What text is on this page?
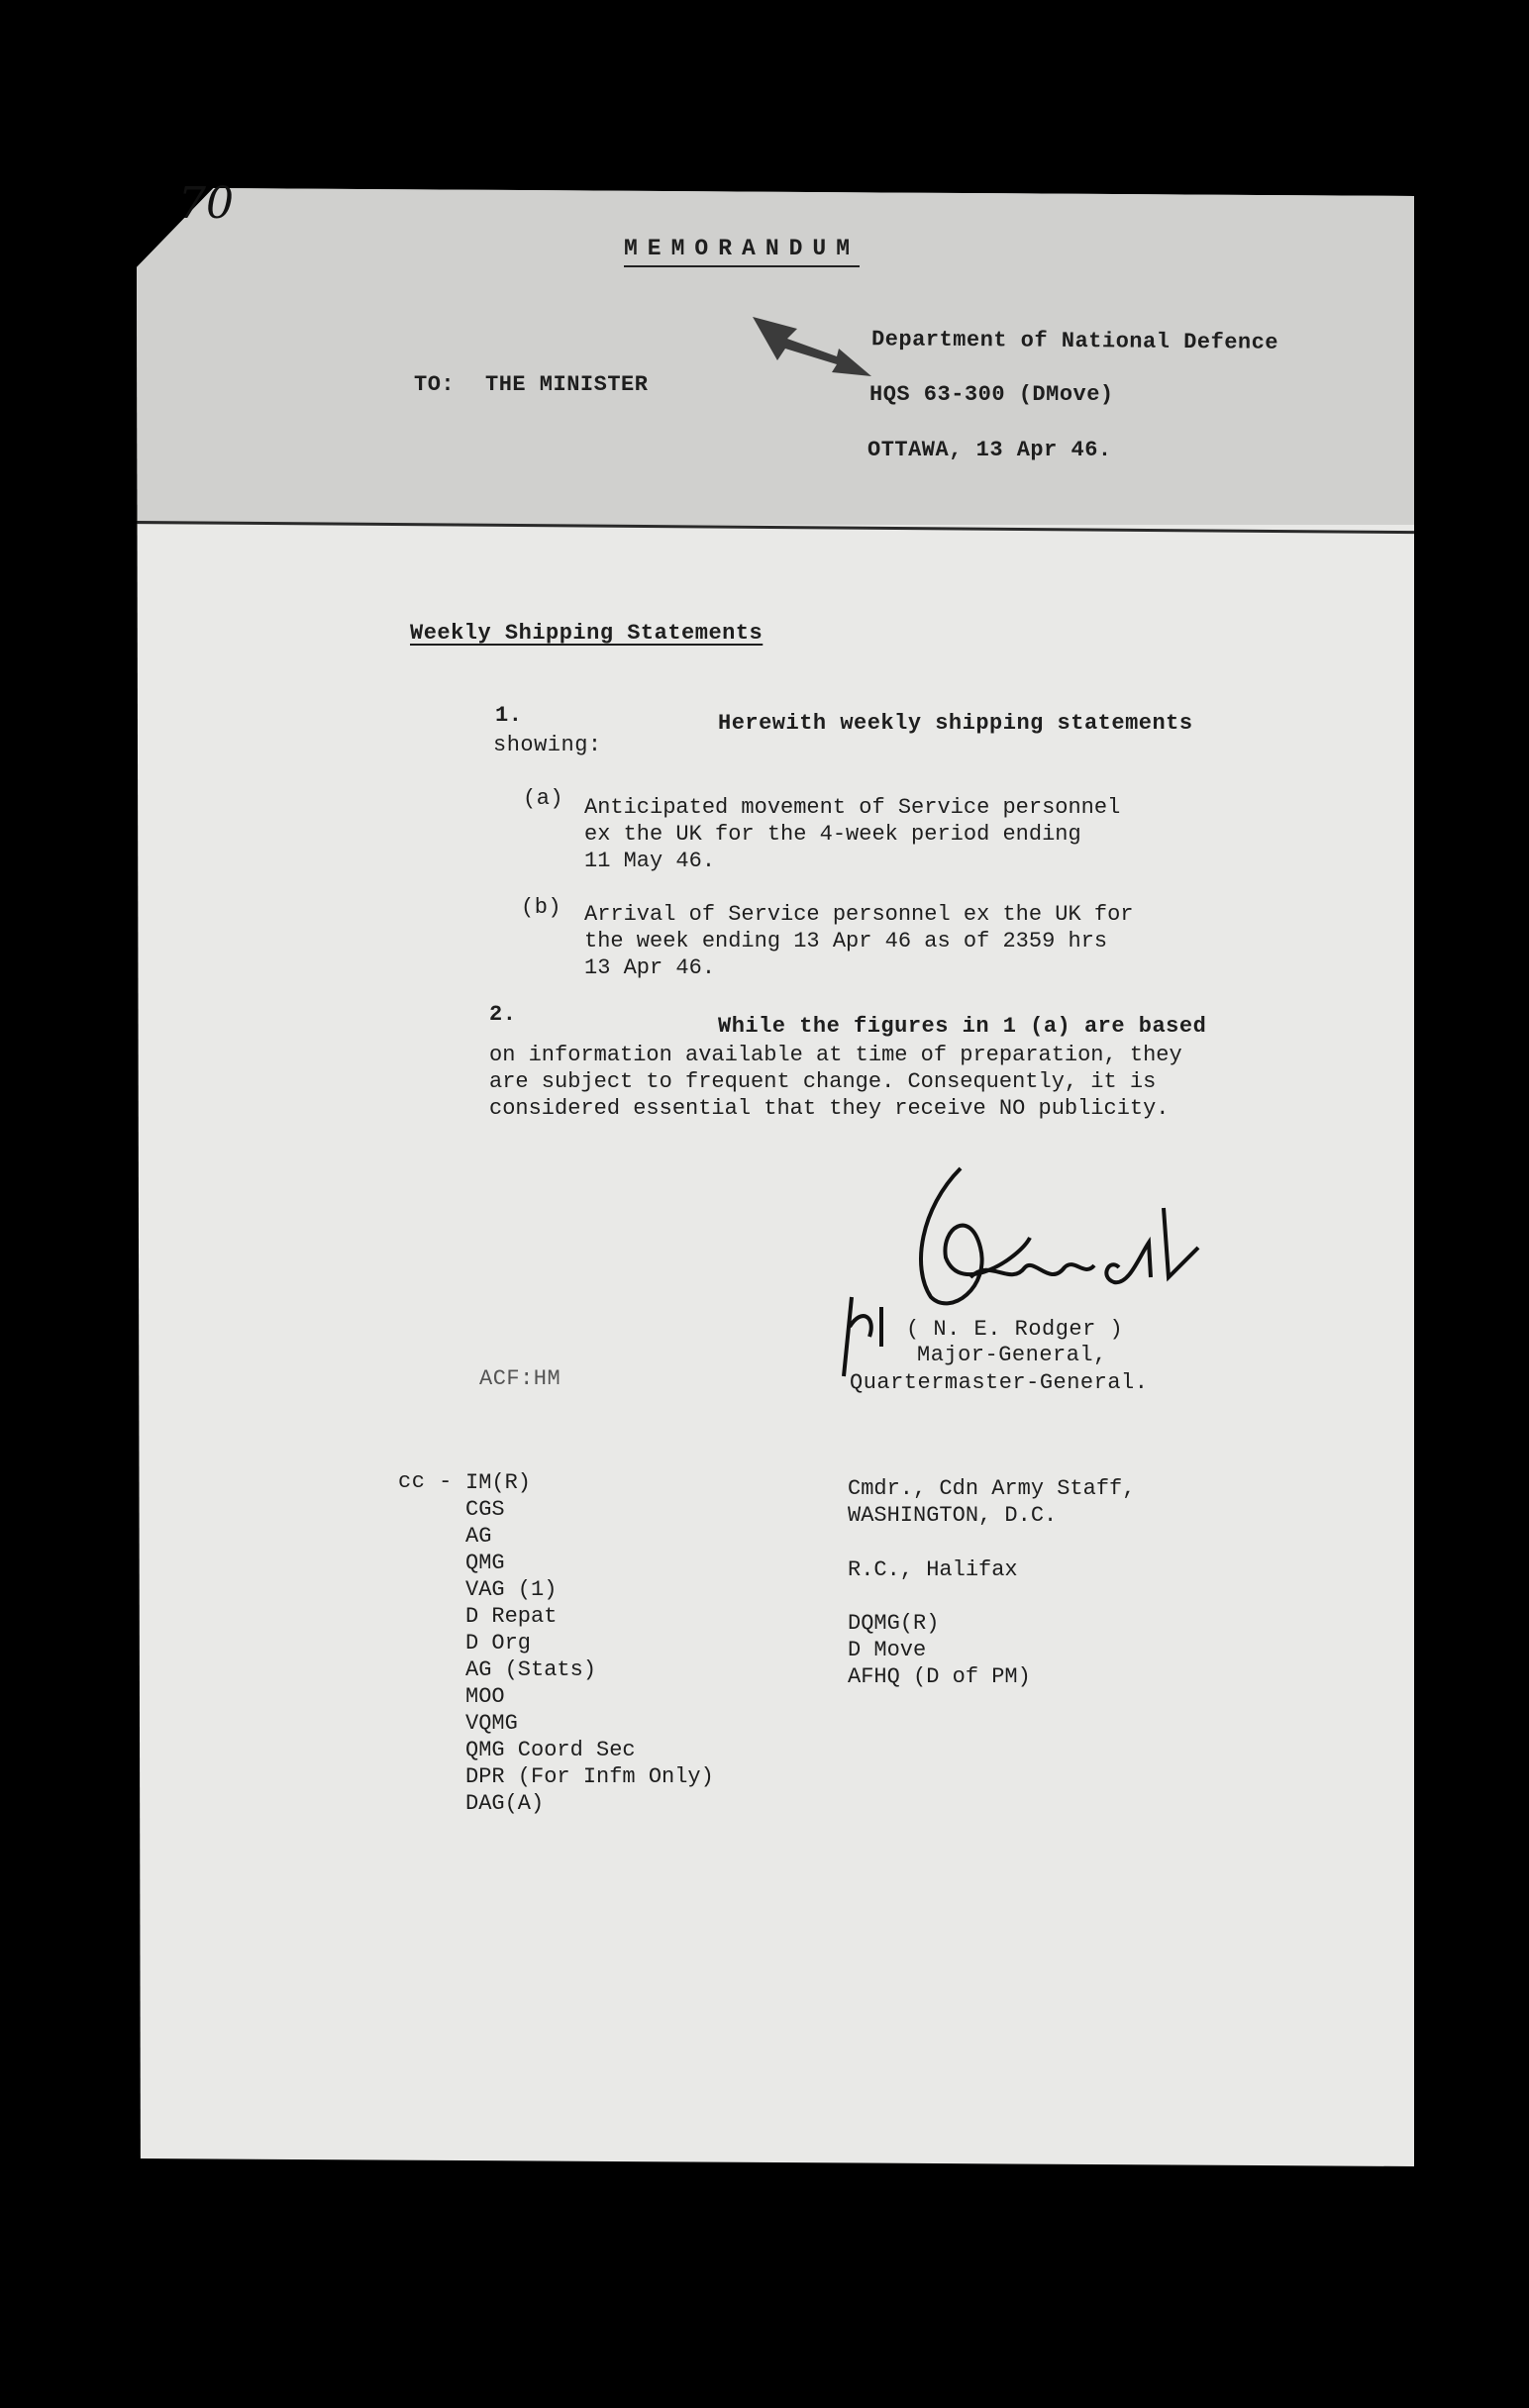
70
MEMORANDUM
TO: THE MINISTER
Department of National Defence
HQS 63-300 (DMove)
OTTAWA, 13 Apr 46.
Weekly Shipping Statements
1.	Herewith weekly shipping statements
showing:
(a) Anticipated movement of Service personnel
ex the UK for the 4-week period ending
11 May 46.
(b) Arrival of Service personnel ex the UK for
the week ending 13 Apr 46 as of 2359 hrs
13 Apr 46.
2.	While the figures in 1 (a) are based
on information available at time of preparation, they
are subject to frequent change. Consequently, it is
considered essential that they receive NO publicity.
( N. E. Rodger )
Major-General,
Quartermaster-General.
ACF:HM
cc - IM(R)
CGS
AG
QMG
VAG (1)
D Repat
D Org
AG (Stats)
MOO
VQMG
QMG Coord Sec
DPR (For Infm Only)
DAG(A)
Cmdr., Cdn Army Staff,
WASHINGTON, D.C.
R.C., Halifax
DQMG(R)
D Move
AFHQ (D of PM)
